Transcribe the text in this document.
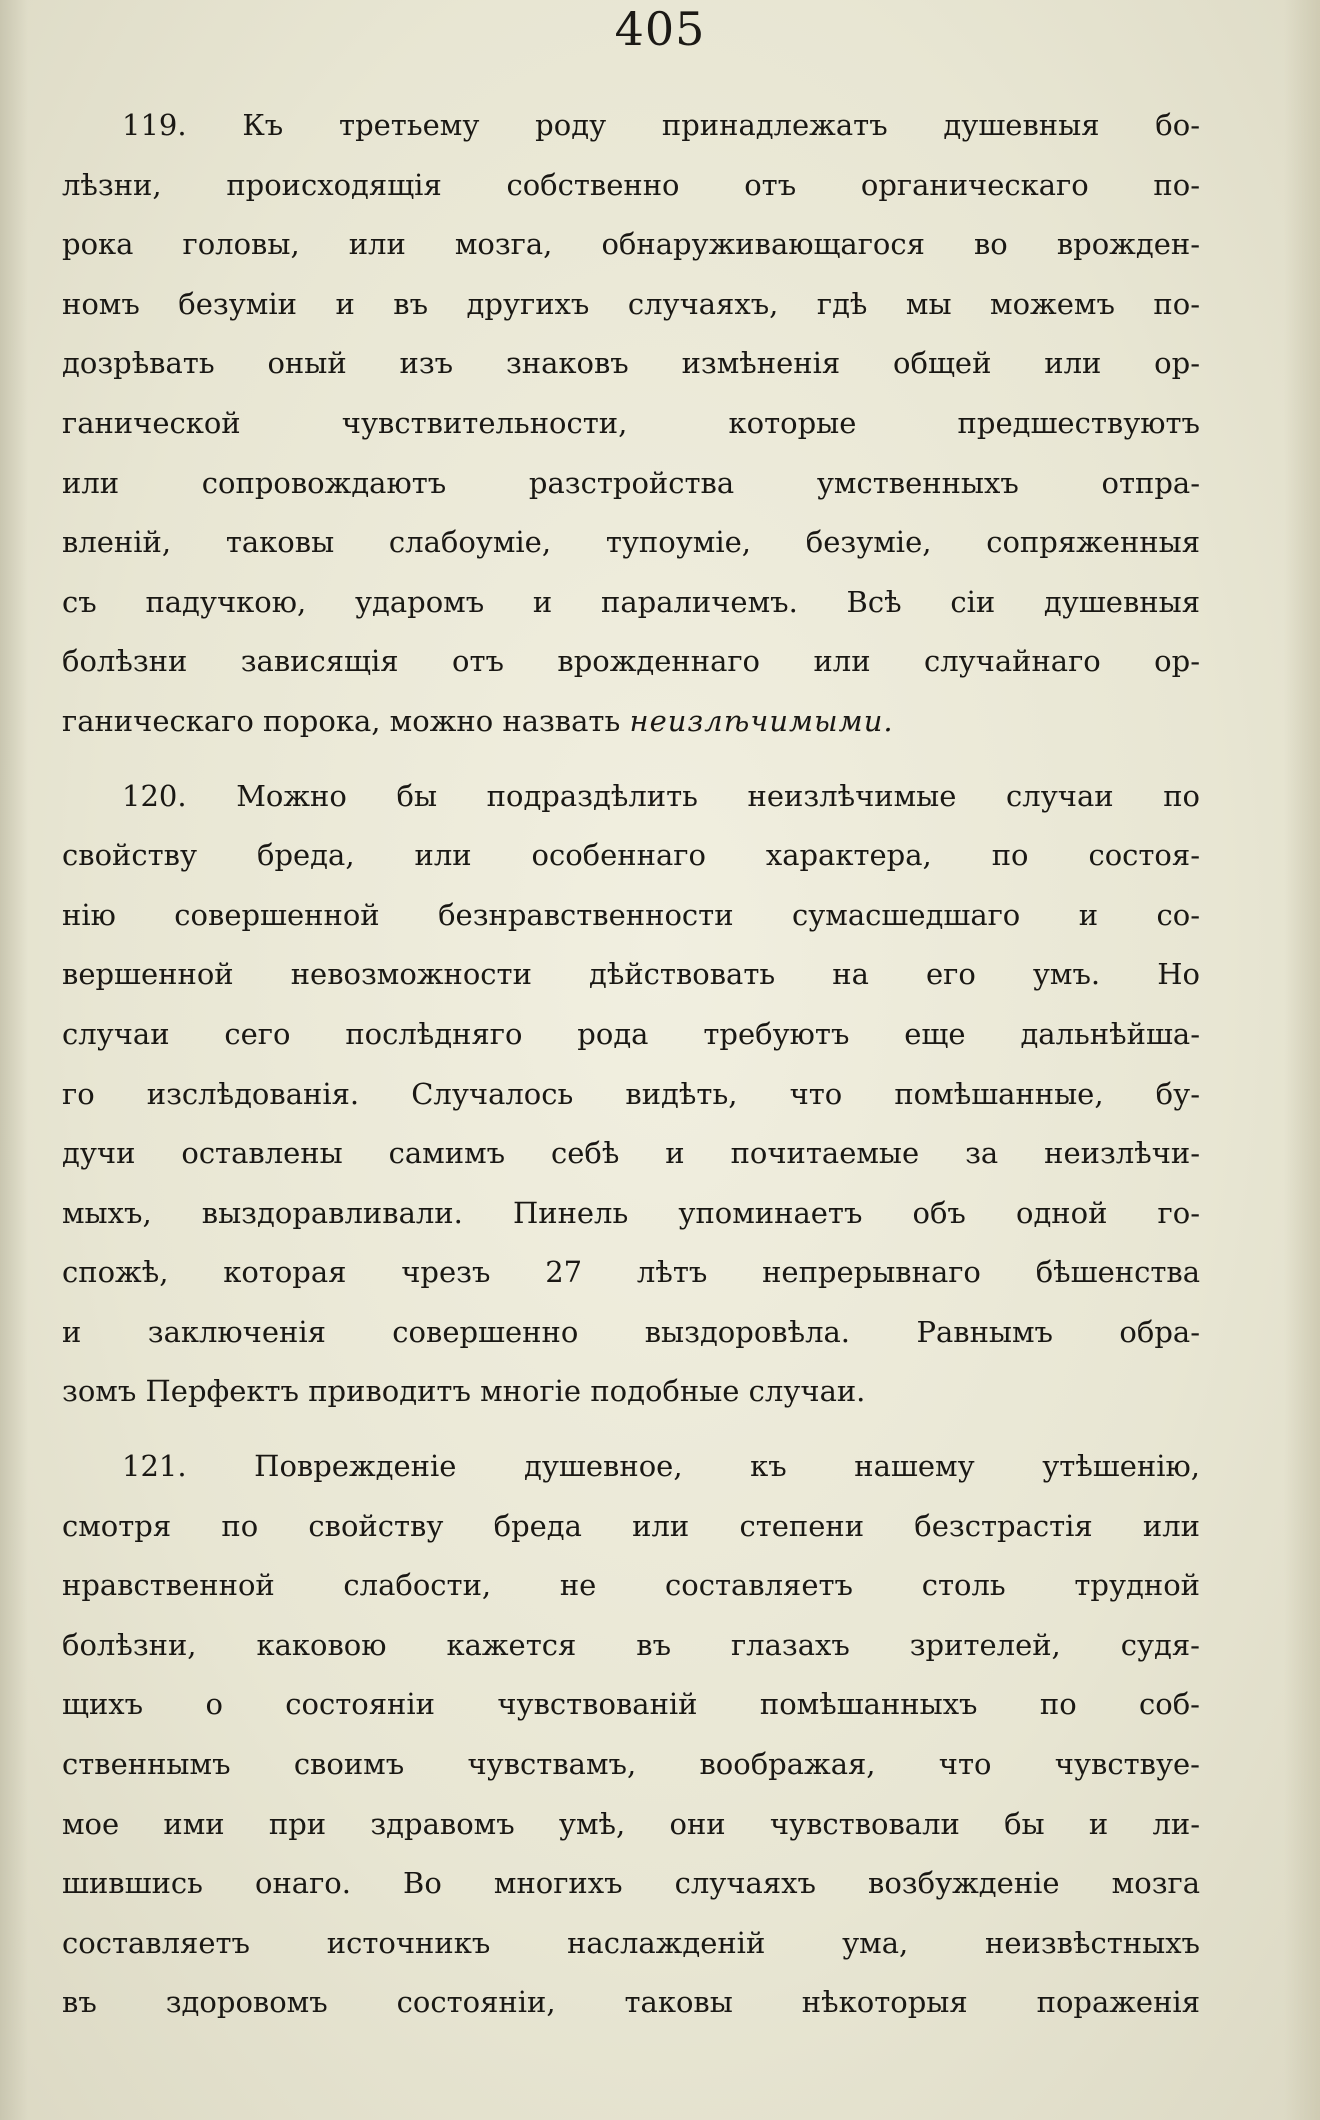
405
119. Къ третьему роду принадлежатъ душевныя бо-
лѣзни, происходящія собственно отъ органическаго по-
рока головы, или мозга, обнаруживающагося во врожден-
номъ безуміи и въ другихъ случаяхъ, гдѣ мы можемъ по-
дозрѣвать оный изъ знаковъ измѣненія общей или ор-
ганической чувствительности, которые предшествуютъ
или сопровождаютъ разстройства умственныхъ отпра-
вленій, таковы слабоуміе, тупоуміе, безуміе, сопряженныя
съ падучкою, ударомъ и параличемъ. Всѣ сіи душевныя
болѣзни зависящія отъ врожденнаго или случайнаго ор-
ганическаго порока, можно назвать неизлѣчимыми.
120. Можно бы подраздѣлить неизлѣчимые случаи по
свойству бреда, или особеннаго характера, по состоя-
нію совершенной безнравственности сумасшедшаго и со-
вершенной невозможности дѣйствовать на его умъ. Но
случаи сего послѣдняго рода требуютъ еще дальнѣйша-
го изслѣдованія. Случалось видѣть, что помѣшанные, бу-
дучи оставлены самимъ себѣ и почитаемые за неизлѣчи-
мыхъ, выздоравливали. Пинель упоминаетъ объ одной го-
спожѣ, которая чрезъ 27 лѣтъ непрерывнаго бѣшенства
и заключенія совершенно выздоровѣла. Равнымъ обра-
зомъ Перфектъ приводитъ многіе подобные случаи.
121. Поврежденіе душевное, къ нашему утѣшенію,
смотря по свойству бреда или степени безстрастія или
нравственной слабости, не составляетъ столь трудной
болѣзни, каковою кажется въ глазахъ зрителей, судя-
щихъ о состояніи чувствованій помѣшанныхъ по соб-
ственнымъ своимъ чувствамъ, воображая, что чувствуе-
мое ими при здравомъ умѣ, они чувствовали бы и ли-
шившись онаго. Во многихъ случаяхъ возбужденіе мозга
составляетъ источникъ наслажденій ума, неизвѣстныхъ
въ здоровомъ состояніи, таковы нѣкоторыя пораженія
